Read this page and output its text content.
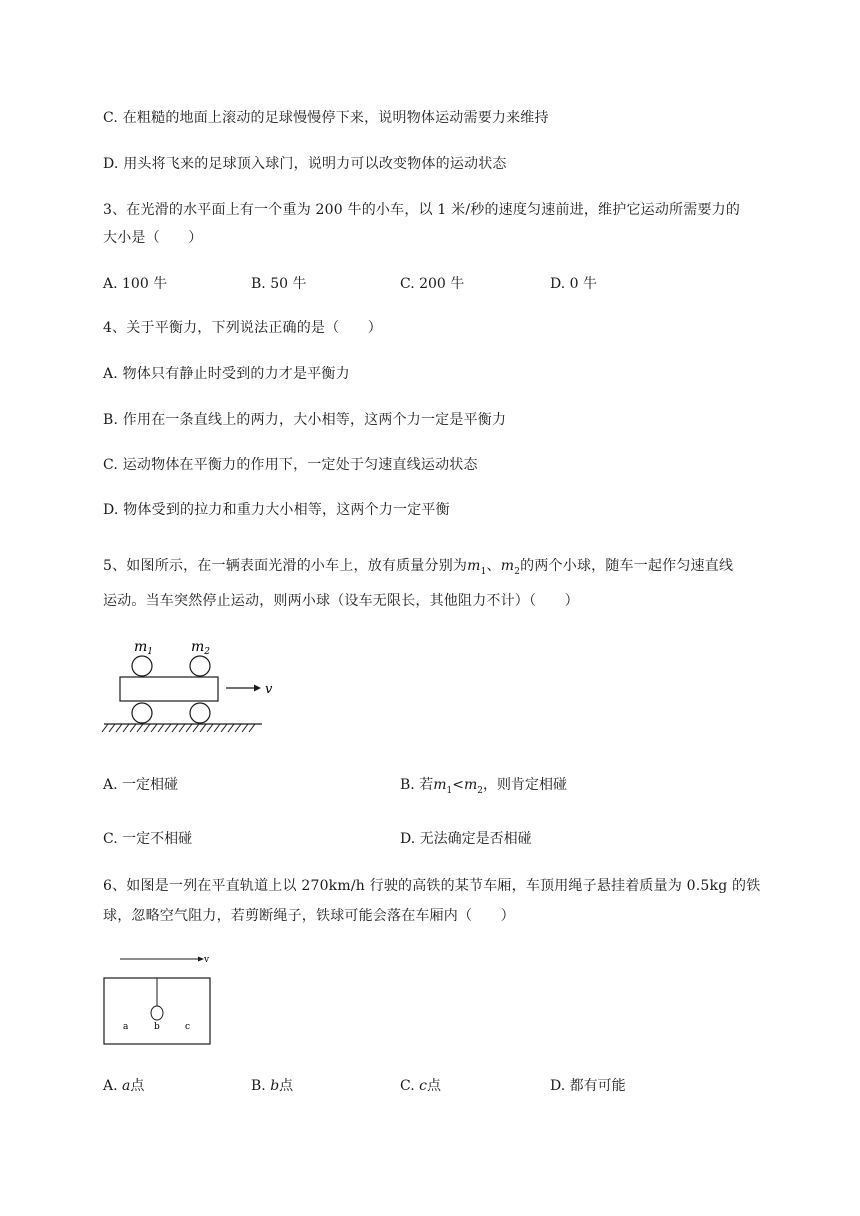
C. 在粗糙的地面上滚动的足球慢慢停下来，说明物体运动需要力来维持
D. 用头将飞来的足球顶入球门，说明力可以改变物体的运动状态
3、在光滑的水平面上有一个重为 200 牛的小车，以 1 米/秒的速度匀速前进，维护它运动所需要力的
大小是（　　）
A. 100 牛	B. 50 牛	C. 200 牛	D. 0 牛
4、关于平衡力，下列说法正确的是（　　）
A. 物体只有静止时受到的力才是平衡力
B. 作用在一条直线上的两力，大小相等，这两个力一定是平衡力
C. 运动物体在平衡力的作用下，一定处于匀速直线运动状态
D. 物体受到的拉力和重力大小相等，这两个力一定平衡
5、如图所示，在一辆表面光滑的小车上，放有质量分别为$m_1$、$m_2$的两个小球，随车一起作匀速直线
运动。当车突然停止运动，则两小球（设车无限长，其他阻力不计）（　　）
$m_1$	$m_2$
v
A. 一定相碰	B. 若$m_1<m_2$，则肯定相碰
C. 一定不相碰	D. 无法确定是否相碰
6、如图是一列在平直轨道上以 270km/h 行驶的高铁的某节车厢，车顶用绳子悬挂着质量为 0.5kg 的铁
球，忽略空气阻力，若剪断绳子，铁球可能会落在车厢内（　　）
v
a	b	c
A. a点	B. b点	C. c点	D. 都有可能
